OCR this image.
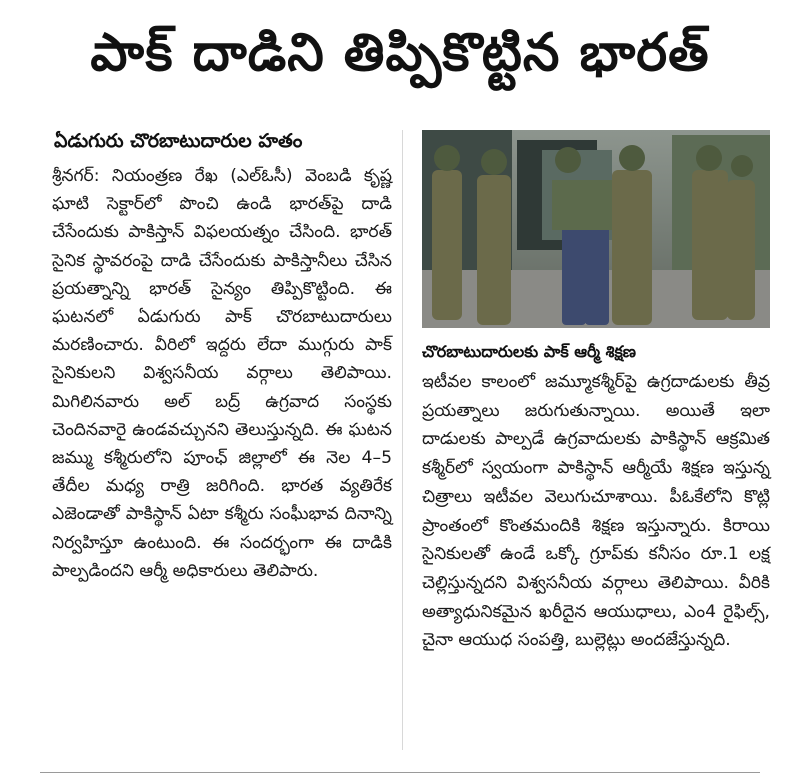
పాక్ దాడిని తిప్పికొట్టిన భారత్
ఏడుగురు చొరబాటుదారుల హతం

శ్రీనగర్: నియంత్రణ రేఖ (ఎల్ఓసీ) వెంబడి కృష్ణ ఘాటి సెక్టార్‌లో పొంచి ఉండి భారత్‌పై దాడి చేసేందుకు పాకిస్తాన్ విఫలయత్నం చేసింది. భారత్ సైనిక స్థావరంపై దాడి చేసేందుకు పాకిస్తానీలు చేసిన ప్రయత్నాన్ని భారత్ సైన్యం తిప్పికొట్టింది. ఈ ఘటనలో ఏడుగురు పాక్ చొరబాటుదారులు మరణించారు. వీరిలో ఇద్దరు లేదా ముగ్గురు పాక్ సైనికులని విశ్వసనీయ వర్గాలు తెలిపాయి. మిగిలినవారు అల్ బద్ర్ ఉగ్రవాద సంస్థకు చెందినవారై ఉండవచ్చునని తెలుస్తున్నది. ఈ ఘటన జమ్ము కశ్మీరులోని పూంఛ్ జిల్లాలో ఈ నెల 4–5 తేదీల మధ్య రాత్రి జరిగింది. భారత వ్యతిరేక ఎజెండాతో పాకిస్థాన్ ఏటా కశ్మీరు సంఘీభావ దినాన్ని నిర్వహిస్తూ ఉంటుంది. ఈ సందర్భంగా ఈ దాడికి పాల్పడిందని ఆర్మీ అధికారులు తెలిపారు.

చొరబాటుదారులకు పాక్ ఆర్మీ శిక్షణ

ఇటీవల కాలంలో జమ్మూకశ్మీర్‌పై ఉగ్రదాడులకు తీవ్ర ప్రయత్నాలు జరుగుతున్నాయి. అయితే ఇలా దాడులకు పాల్పడే ఉగ్రవాదులకు పాకిస్థాన్ ఆక్రమిత కశ్మీర్‌లో స్వయంగా పాకిస్థాన్ ఆర్మీయే శిక్షణ ఇస్తున్న చిత్రాలు ఇటీవల వెలుగుచూశాయి. పీఓకేలోని కొట్లి ప్రాంతంలో కొంతమందికి శిక్షణ ఇస్తున్నారు. కిరాయి సైనికులతో ఉండే ఒక్కో గ్రూప్‌కు కనీసం రూ.1 లక్ష చెల్లిస్తున్నదని విశ్వసనీయ వర్గాలు తెలిపాయి. వీరికి అత్యాధునికమైన ఖరీదైన ఆయుధాలు, ఎం4 రైఫిల్స్, చైనా ఆయుధ సంపత్తి, బుల్లెట్లు అందజేస్తున్నది.
